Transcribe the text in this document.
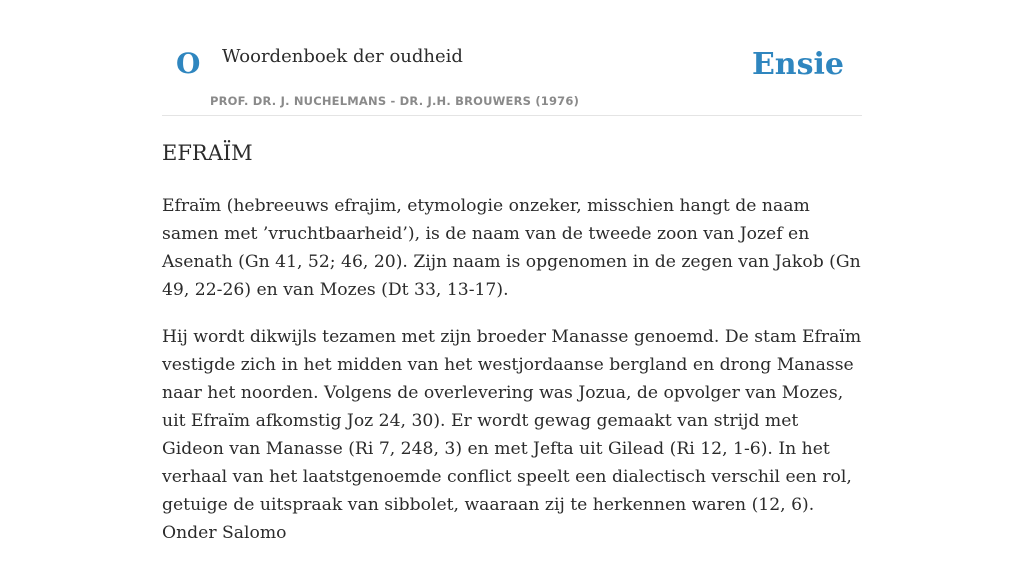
O Woordenboek der oudheid
PROF. DR. J. NUCHELMANS - DR. J.H. BROUWERS (1976)
Ensie
EFRAÏM

Efraïm (hebreeuws efrajim, etymologie onzeker, misschien hangt de naam samen met ’vruchtbaarheid’), is de naam van de tweede zoon van Jozef en Asenath (Gn 41, 52; 46, 20). Zijn naam is opgenomen in de zegen van Jakob (Gn 49, 22-26) en van Mozes (Dt 33, 13-17).

Hij wordt dikwijls tezamen met zijn broeder Manasse genoemd. De stam Efraïm vestigde zich in het midden van het westjordaanse bergland en drong Manasse naar het noorden. Volgens de overlevering was Jozua, de opvolger van Mozes, uit Efraïm afkomstig Joz 24, 30). Er wordt gewag gemaakt van strijd met Gideon van Manasse (Ri 7, 248, 3) en met Jefta uit Gilead (Ri 12, 1-6). In het verhaal van het laatstgenoemde conflict speelt een dialectisch verschil een rol, getuige de uitspraak van sibbolet, waaraan zij te herkennen waren (12, 6). Onder Salomo
